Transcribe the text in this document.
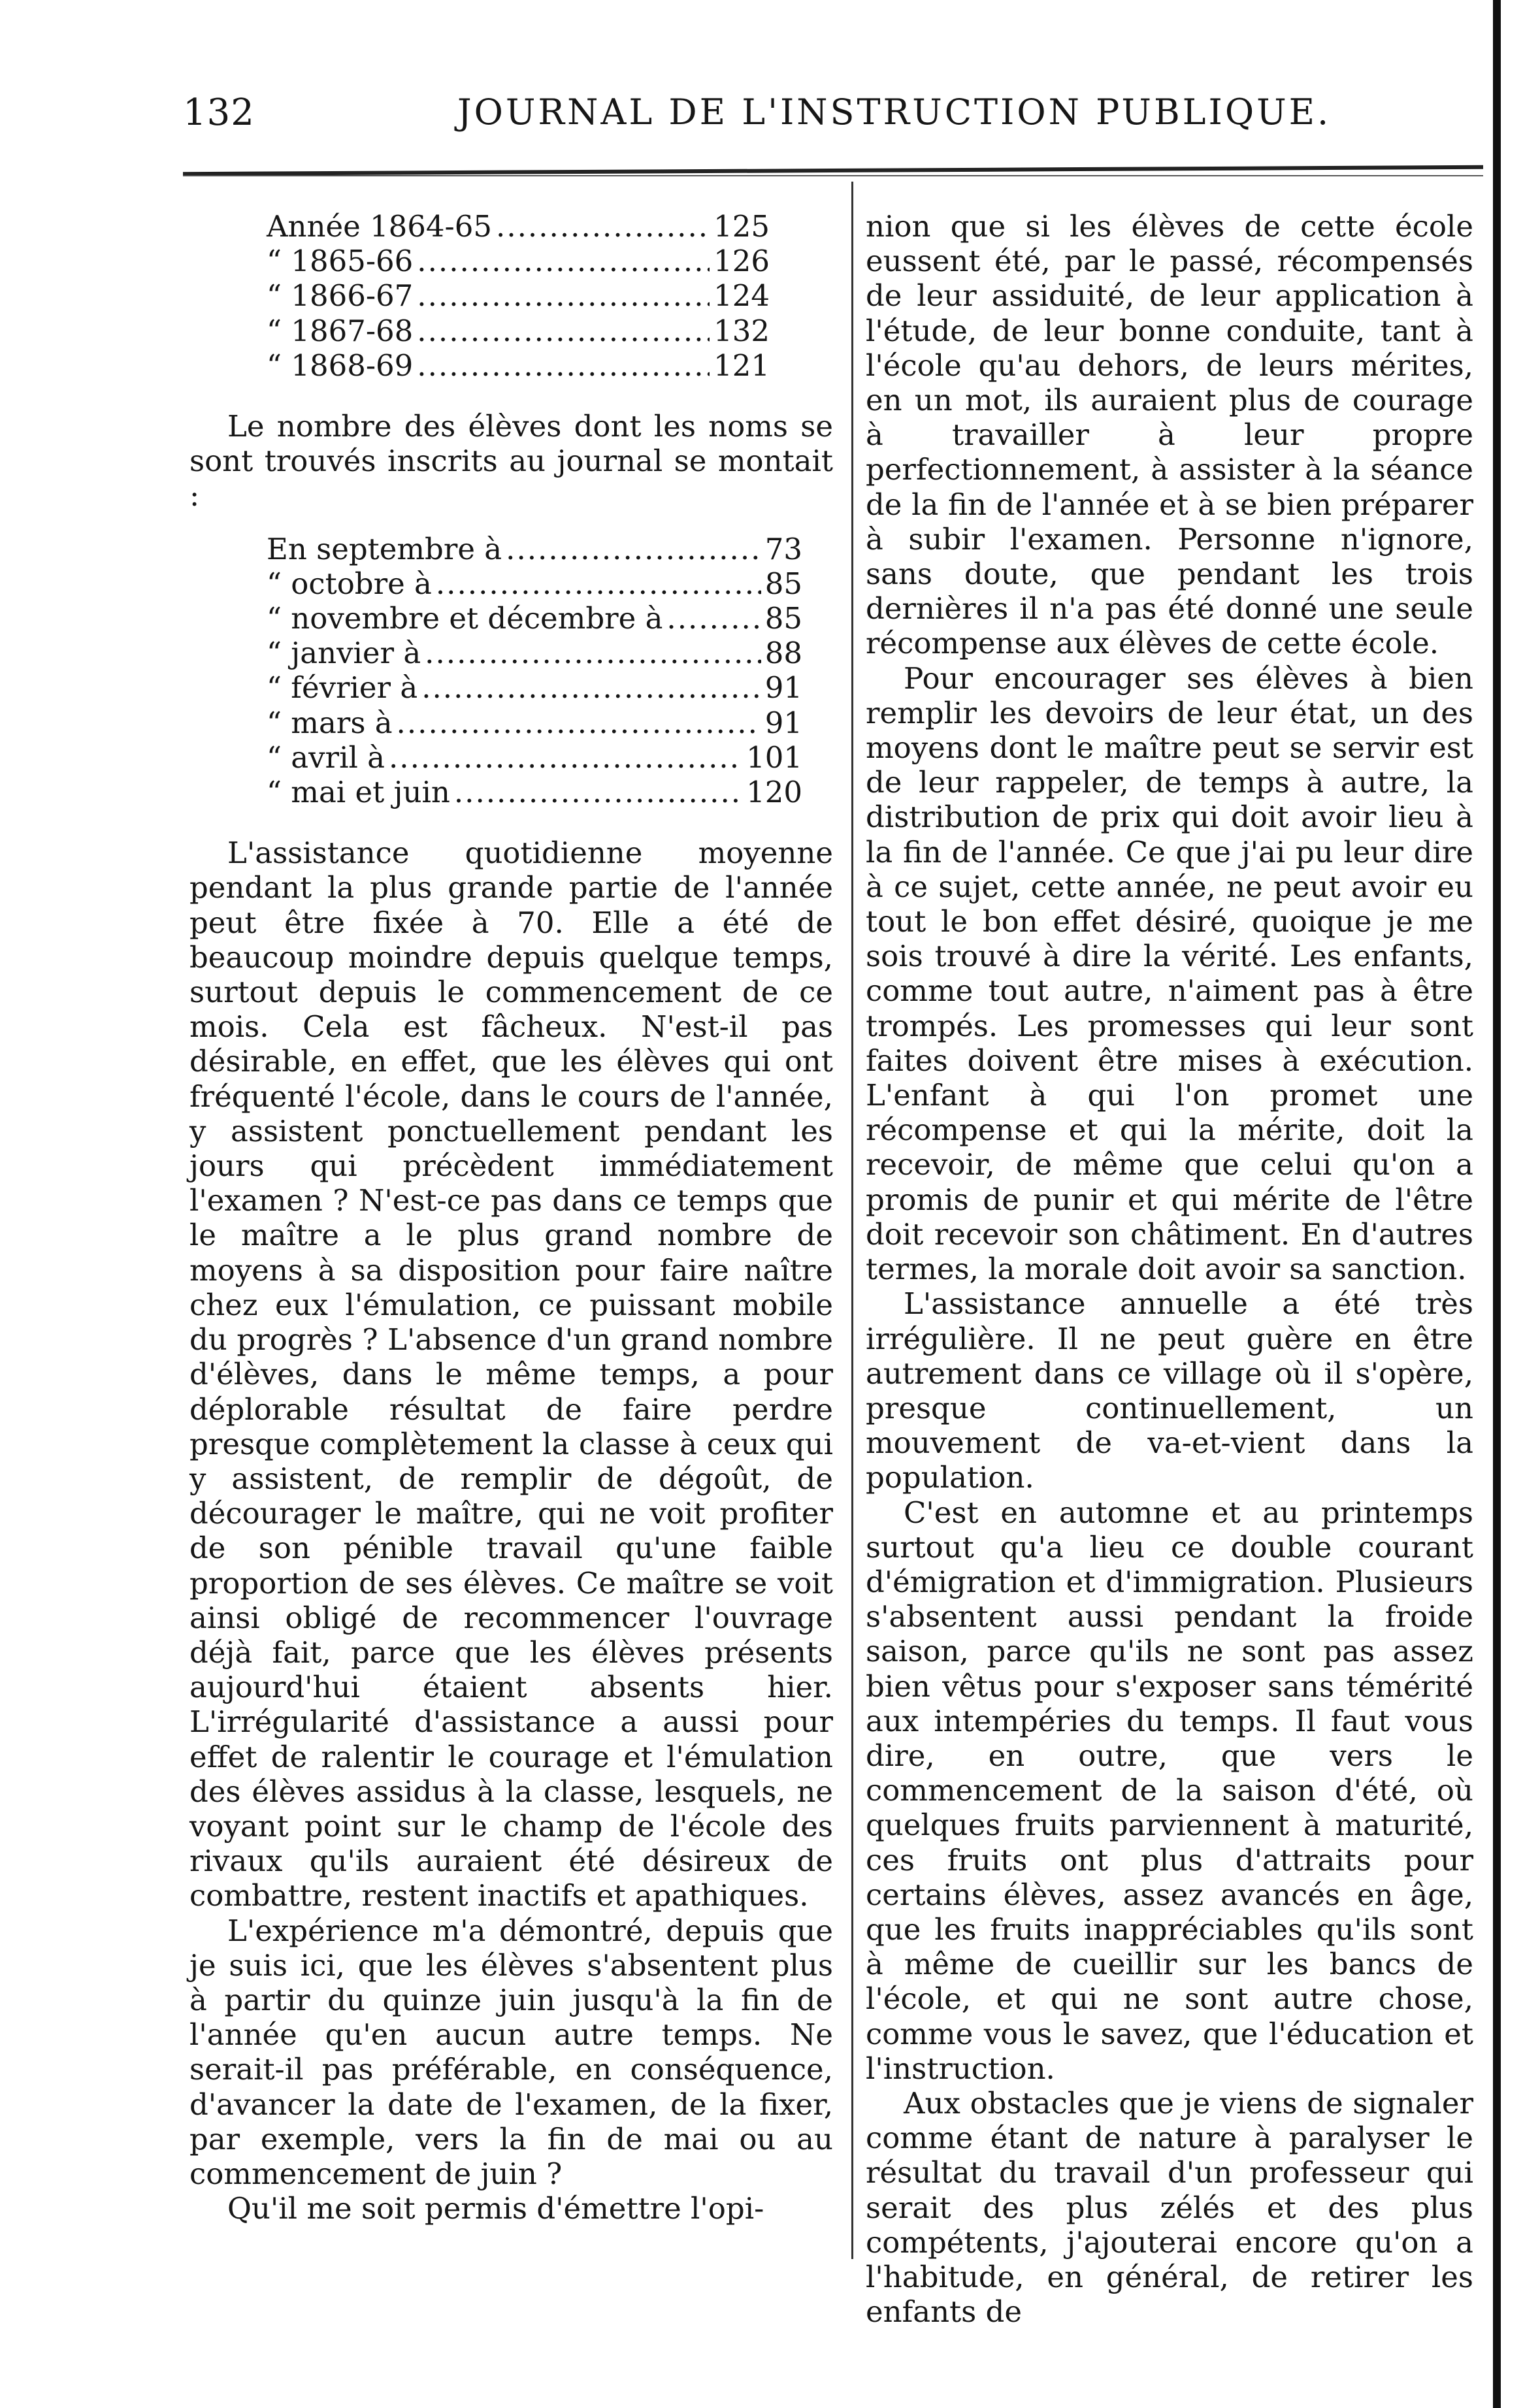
132	JOURNAL DE L'INSTRUCTION PUBLIQUE.
Année 1864-65 .....	125
“ 1865-66 .....	126
“ 1866-67 .....	124
“ 1867-68 .....	132
“ 1868-69 .....	121

Le nombre des élèves dont les noms se sont trouvés inscrits au journal se montait :

En septembre à .....	73
“ octobre à .....	85
“ novembre et décembre à .....	85
“ janvier à .....	88
“ février à .....	91
“ mars à .....	91
“ avril à .....	101
“ mai et juin .....	120

L'assistance quotidienne moyenne pendant la plus grande partie de l'année peut être fixée à 70. Elle a été de beaucoup moindre depuis quelque temps, surtout depuis le commencement de ce mois. Cela est fâcheux. N'est-il pas désirable, en effet, que les élèves qui ont fréquenté l'école, dans le cours de l'année, y assistent ponctuellement pendant les jours qui précèdent immédiatement l'examen ? N'est-ce pas dans ce temps que le maître a le plus grand nombre de moyens à sa disposition pour faire naître chez eux l'émulation, ce puissant mobile du progrès ? L'absence d'un grand nombre d'élèves, dans le même temps, a pour déplorable résultat de faire perdre presque complètement la classe à ceux qui y assistent, de remplir de dégoût, de décourager le maître, qui ne voit profiter de son pénible travail qu'une faible proportion de ses élèves. Ce maître se voit ainsi obligé de recommencer l'ouvrage déjà fait, parce que les élèves présents aujourd'hui étaient absents hier. L'irrégularité d'assistance a aussi pour effet de ralentir le courage et l'émulation des élèves assidus à la classe, lesquels, ne voyant point sur le champ de l'école des rivaux qu'ils auraient été désireux de combattre, restent inactifs et apathiques.

L'expérience m'a démontré, depuis que je suis ici, que les élèves s'absentent plus à partir du quinze juin jusqu'à la fin de l'année qu'en aucun autre temps. Ne serait-il pas préférable, en conséquence, d'avancer la date de l'examen, de la fixer, par exemple, vers la fin de mai ou au commencement de juin ?

Qu'il me soit permis d'émettre l'opi-

nion que si les élèves de cette école eussent été, par le passé, récompensés de leur assiduité, de leur application à l'étude, de leur bonne conduite, tant à l'école qu'au dehors, de leurs mérites, en un mot, ils auraient plus de courage à travailler à leur propre perfectionnement, à assister à la séance de la fin de l'année et à se bien préparer à subir l'examen. Personne n'ignore, sans doute, que pendant les trois dernières il n'a pas été donné une seule récompense aux élèves de cette école.

Pour encourager ses élèves à bien remplir les devoirs de leur état, un des moyens dont le maître peut se servir est de leur rappeler, de temps à autre, la distribution de prix qui doit avoir lieu à la fin de l'année. Ce que j'ai pu leur dire à ce sujet, cette année, ne peut avoir eu tout le bon effet désiré, quoique je me sois trouvé à dire la vérité. Les enfants, comme tout autre, n'aiment pas à être trompés. Les promesses qui leur sont faites doivent être mises à exécution. L'enfant à qui l'on promet une récompense et qui la mérite, doit la recevoir, de même que celui qu'on a promis de punir et qui mérite de l'être doit recevoir son châtiment. En d'autres termes, la morale doit avoir sa sanction.

L'assistance annuelle a été très irrégulière. Il ne peut guère en être autrement dans ce village où il s'opère, presque continuellement, un mouvement de va-et-vient dans la population.

C'est en automne et au printemps surtout qu'a lieu ce double courant d'émigration et d'immigration. Plusieurs s'absentent aussi pendant la froide saison, parce qu'ils ne sont pas assez bien vêtus pour s'exposer sans témérité aux intempéries du temps. Il faut vous dire, en outre, que vers le commencement de la saison d'été, où quelques fruits parviennent à maturité, ces fruits ont plus d'attraits pour certains élèves, assez avancés en âge, que les fruits inappréciables qu'ils sont à même de cueillir sur les bancs de l'école, et qui ne sont autre chose, comme vous le savez, que l'éducation et l'instruction.

Aux obstacles que je viens de signaler comme étant de nature à paralyser le résultat du travail d'un professeur qui serait des plus zélés et des plus compétents, j'ajouterai encore qu'on a l'habitude, en général, de retirer les enfants de
